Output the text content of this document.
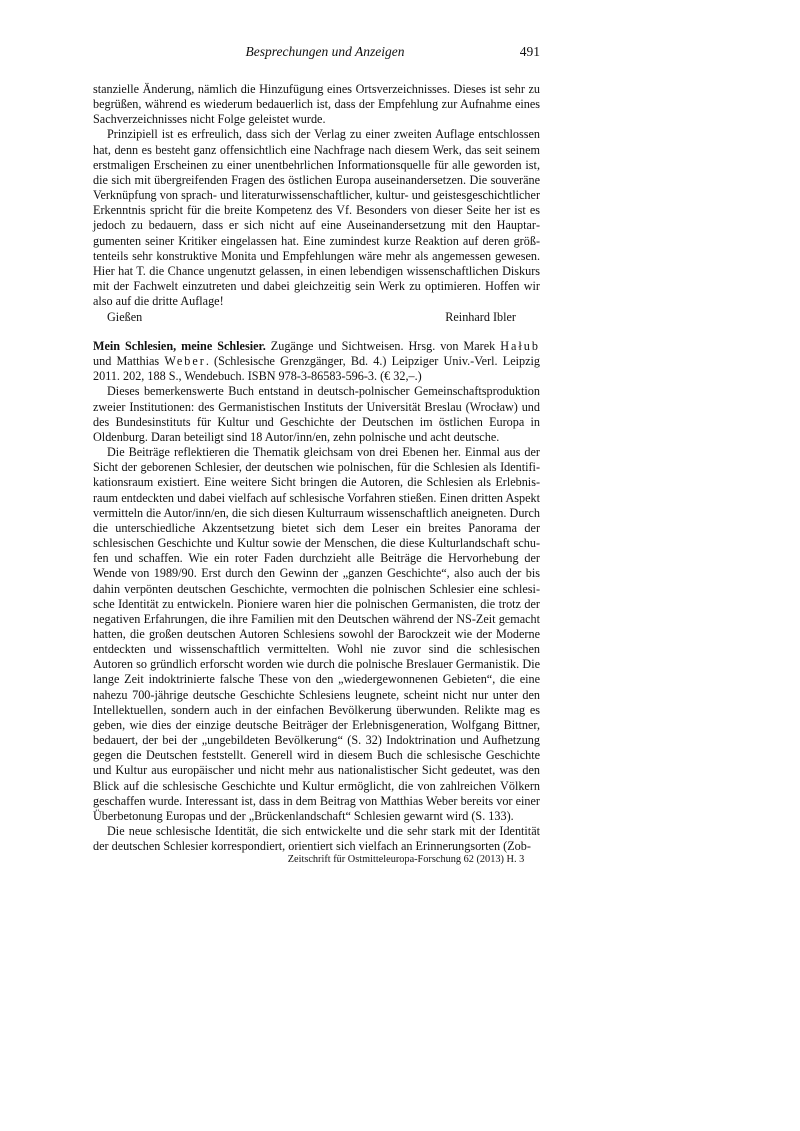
Besprechungen und Anzeigen	491

stanzielle Änderung, nämlich die Hinzufügung eines Ortsverzeichnisses. Dieses ist sehr zu begrüßen, während es wiederum bedauerlich ist, dass der Empfehlung zur Aufnahme eines Sachverzeichnisses nicht Folge geleistet wurde.

Prinzipiell ist es erfreulich, dass sich der Verlag zu einer zweiten Auflage entschlossen hat, denn es besteht ganz offensichtlich eine Nachfrage nach diesem Werk, das seit seinem erstmaligen Erscheinen zu einer unentbehrlichen Informationsquelle für alle geworden ist, die sich mit übergreifenden Fragen des östlichen Europa auseinandersetzen. Die souveräne Verknüpfung von sprach- und literaturwissenschaftlicher, kultur- und geistesgeschichtlicher Erkenntnis spricht für die breite Kompetenz des Vf. Besonders von dieser Seite her ist es jedoch zu bedauern, dass er sich nicht auf eine Auseinandersetzung mit den Hauptargumenten seiner Kritiker eingelassen hat. Eine zumindest kurze Reaktion auf deren größtenteils sehr konstruktive Monita und Empfehlungen wäre mehr als angemessen gewesen. Hier hat T. die Chance ungenutzt gelassen, in einen lebendigen wissenschaftlichen Diskurs mit der Fachwelt einzutreten und dabei gleichzeitig sein Werk zu optimieren. Hoffen wir also auf die dritte Auflage!

Gießen	Reinhard Ibler

Mein Schlesien, meine Schlesier. Zugänge und Sichtweisen. Hrsg. von Marek Hałub und Matthias Weber. (Schlesische Grenzgänger, Bd. 4.) Leipziger Univ.-Verl. Leipzig 2011. 202, 188 S., Wendebuch. ISBN 978-3-86583-596-3. (€ 32,–.)

Dieses bemerkenswerte Buch entstand in deutsch-polnischer Gemeinschaftsproduktion zweier Institutionen: des Germanistischen Instituts der Universität Breslau (Wrocław) und des Bundesinstituts für Kultur und Geschichte der Deutschen im östlichen Europa in Oldenburg. Daran beteiligt sind 18 Autor/inn/en, zehn polnische und acht deutsche.

Die Beiträge reflektieren die Thematik gleichsam von drei Ebenen her. Einmal aus der Sicht der geborenen Schlesier, der deutschen wie polnischen, für die Schlesien als Identifikationsraum existiert. Eine weitere Sicht bringen die Autoren, die Schlesien als Erlebnisraum entdeckten und dabei vielfach auf schlesische Vorfahren stießen. Einen dritten Aspekt vermitteln die Autor/inn/en, die sich diesen Kulturraum wissenschaftlich aneigneten. Durch die unterschiedliche Akzentsetzung bietet sich dem Leser ein breites Panorama der schlesischen Geschichte und Kultur sowie der Menschen, die diese Kulturlandschaft schufen und schaffen. Wie ein roter Faden durchzieht alle Beiträge die Hervorhebung der Wende von 1989/90. Erst durch den Gewinn der „ganzen Geschichte“, also auch der bis dahin verpönten deutschen Geschichte, vermochten die polnischen Schlesier eine schlesische Identität zu entwickeln. Pioniere waren hier die polnischen Germanisten, die trotz der negativen Erfahrungen, die ihre Familien mit den Deutschen während der NS-Zeit gemacht hatten, die großen deutschen Autoren Schlesiens sowohl der Barockzeit wie der Moderne entdeckten und wissenschaftlich vermittelten. Wohl nie zuvor sind die schlesischen Autoren so gründlich erforscht worden wie durch die polnische Breslauer Germanistik. Die lange Zeit indoktrinierte falsche These von den „wiedergewonnenen Gebieten“, die eine nahezu 700-jährige deutsche Geschichte Schlesiens leugnete, scheint nicht nur unter den Intellektuellen, sondern auch in der einfachen Bevölkerung überwunden. Relikte mag es geben, wie dies der einzige deutsche Beiträger der Erlebnisgeneration, Wolfgang Bittner, bedauert, der bei der „ungebildeten Bevölkerung“ (S. 32) Indoktrination und Aufhetzung gegen die Deutschen feststellt. Generell wird in diesem Buch die schlesische Geschichte und Kultur aus europäischer und nicht mehr aus nationalistischer Sicht gedeutet, was den Blick auf die schlesische Geschichte und Kultur ermöglicht, die von zahlreichen Völkern geschaffen wurde. Interessant ist, dass in dem Beitrag von Matthias Weber bereits vor einer Überbetonung Europas und der „Brückenlandschaft“ Schlesien gewarnt wird (S. 133).

Die neue schlesische Identität, die sich entwickelte und die sehr stark mit der Identität der deutschen Schlesier korrespondiert, orientiert sich vielfach an Erinnerungsorten (Zob-

Zeitschrift für Ostmitteleuropa-Forschung 62 (2013) H. 3
